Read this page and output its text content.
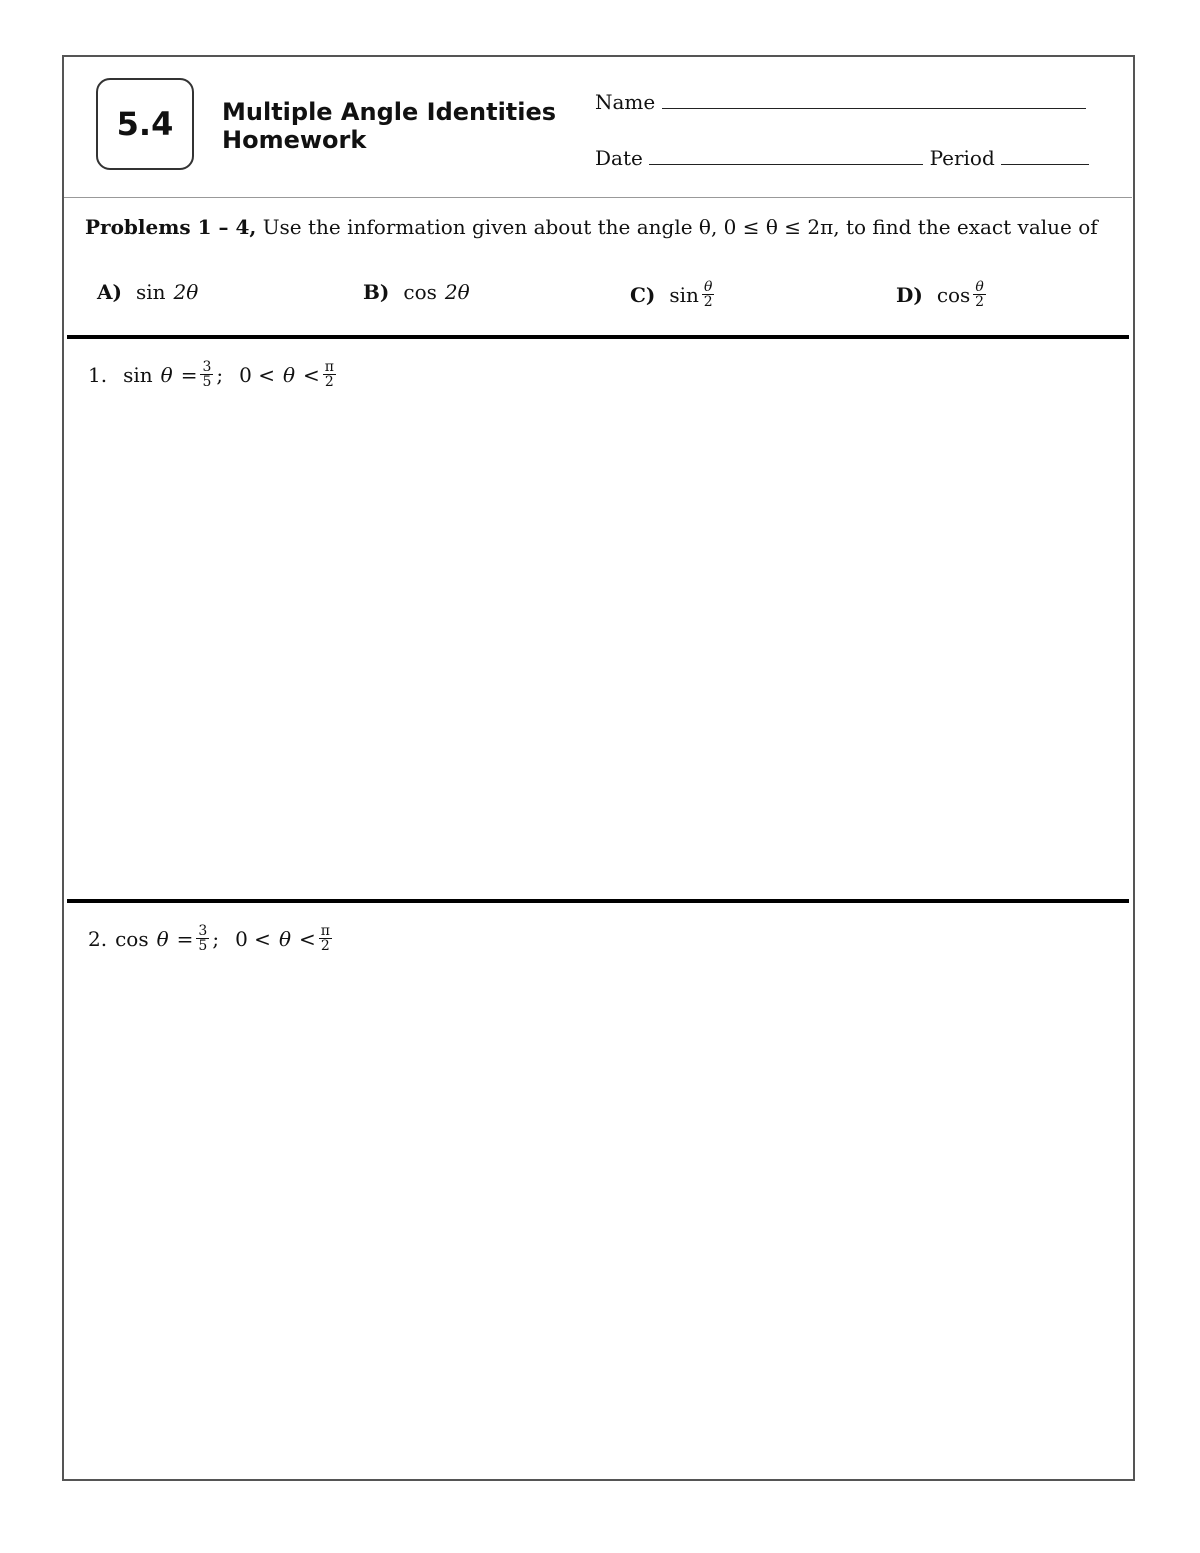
5.4 Multiple Angle Identities
Homework
Name
Date	Period
Problems 1 – 4, Use the information given about the angle θ, 0 ≤ θ ≤ 2π, to find the exact value of
A) sin 2θ	B) cos 2θ	C) $\sin \frac{\theta}{2}$	D) $\cos \frac{\theta}{2}$
1. $\sin \theta = \frac{3}{5}$ ; $0 < \theta < \frac{\pi}{2}$
2. $\cos \theta = \frac{3}{5}$ ; $0 < \theta < \frac{\pi}{2}$
